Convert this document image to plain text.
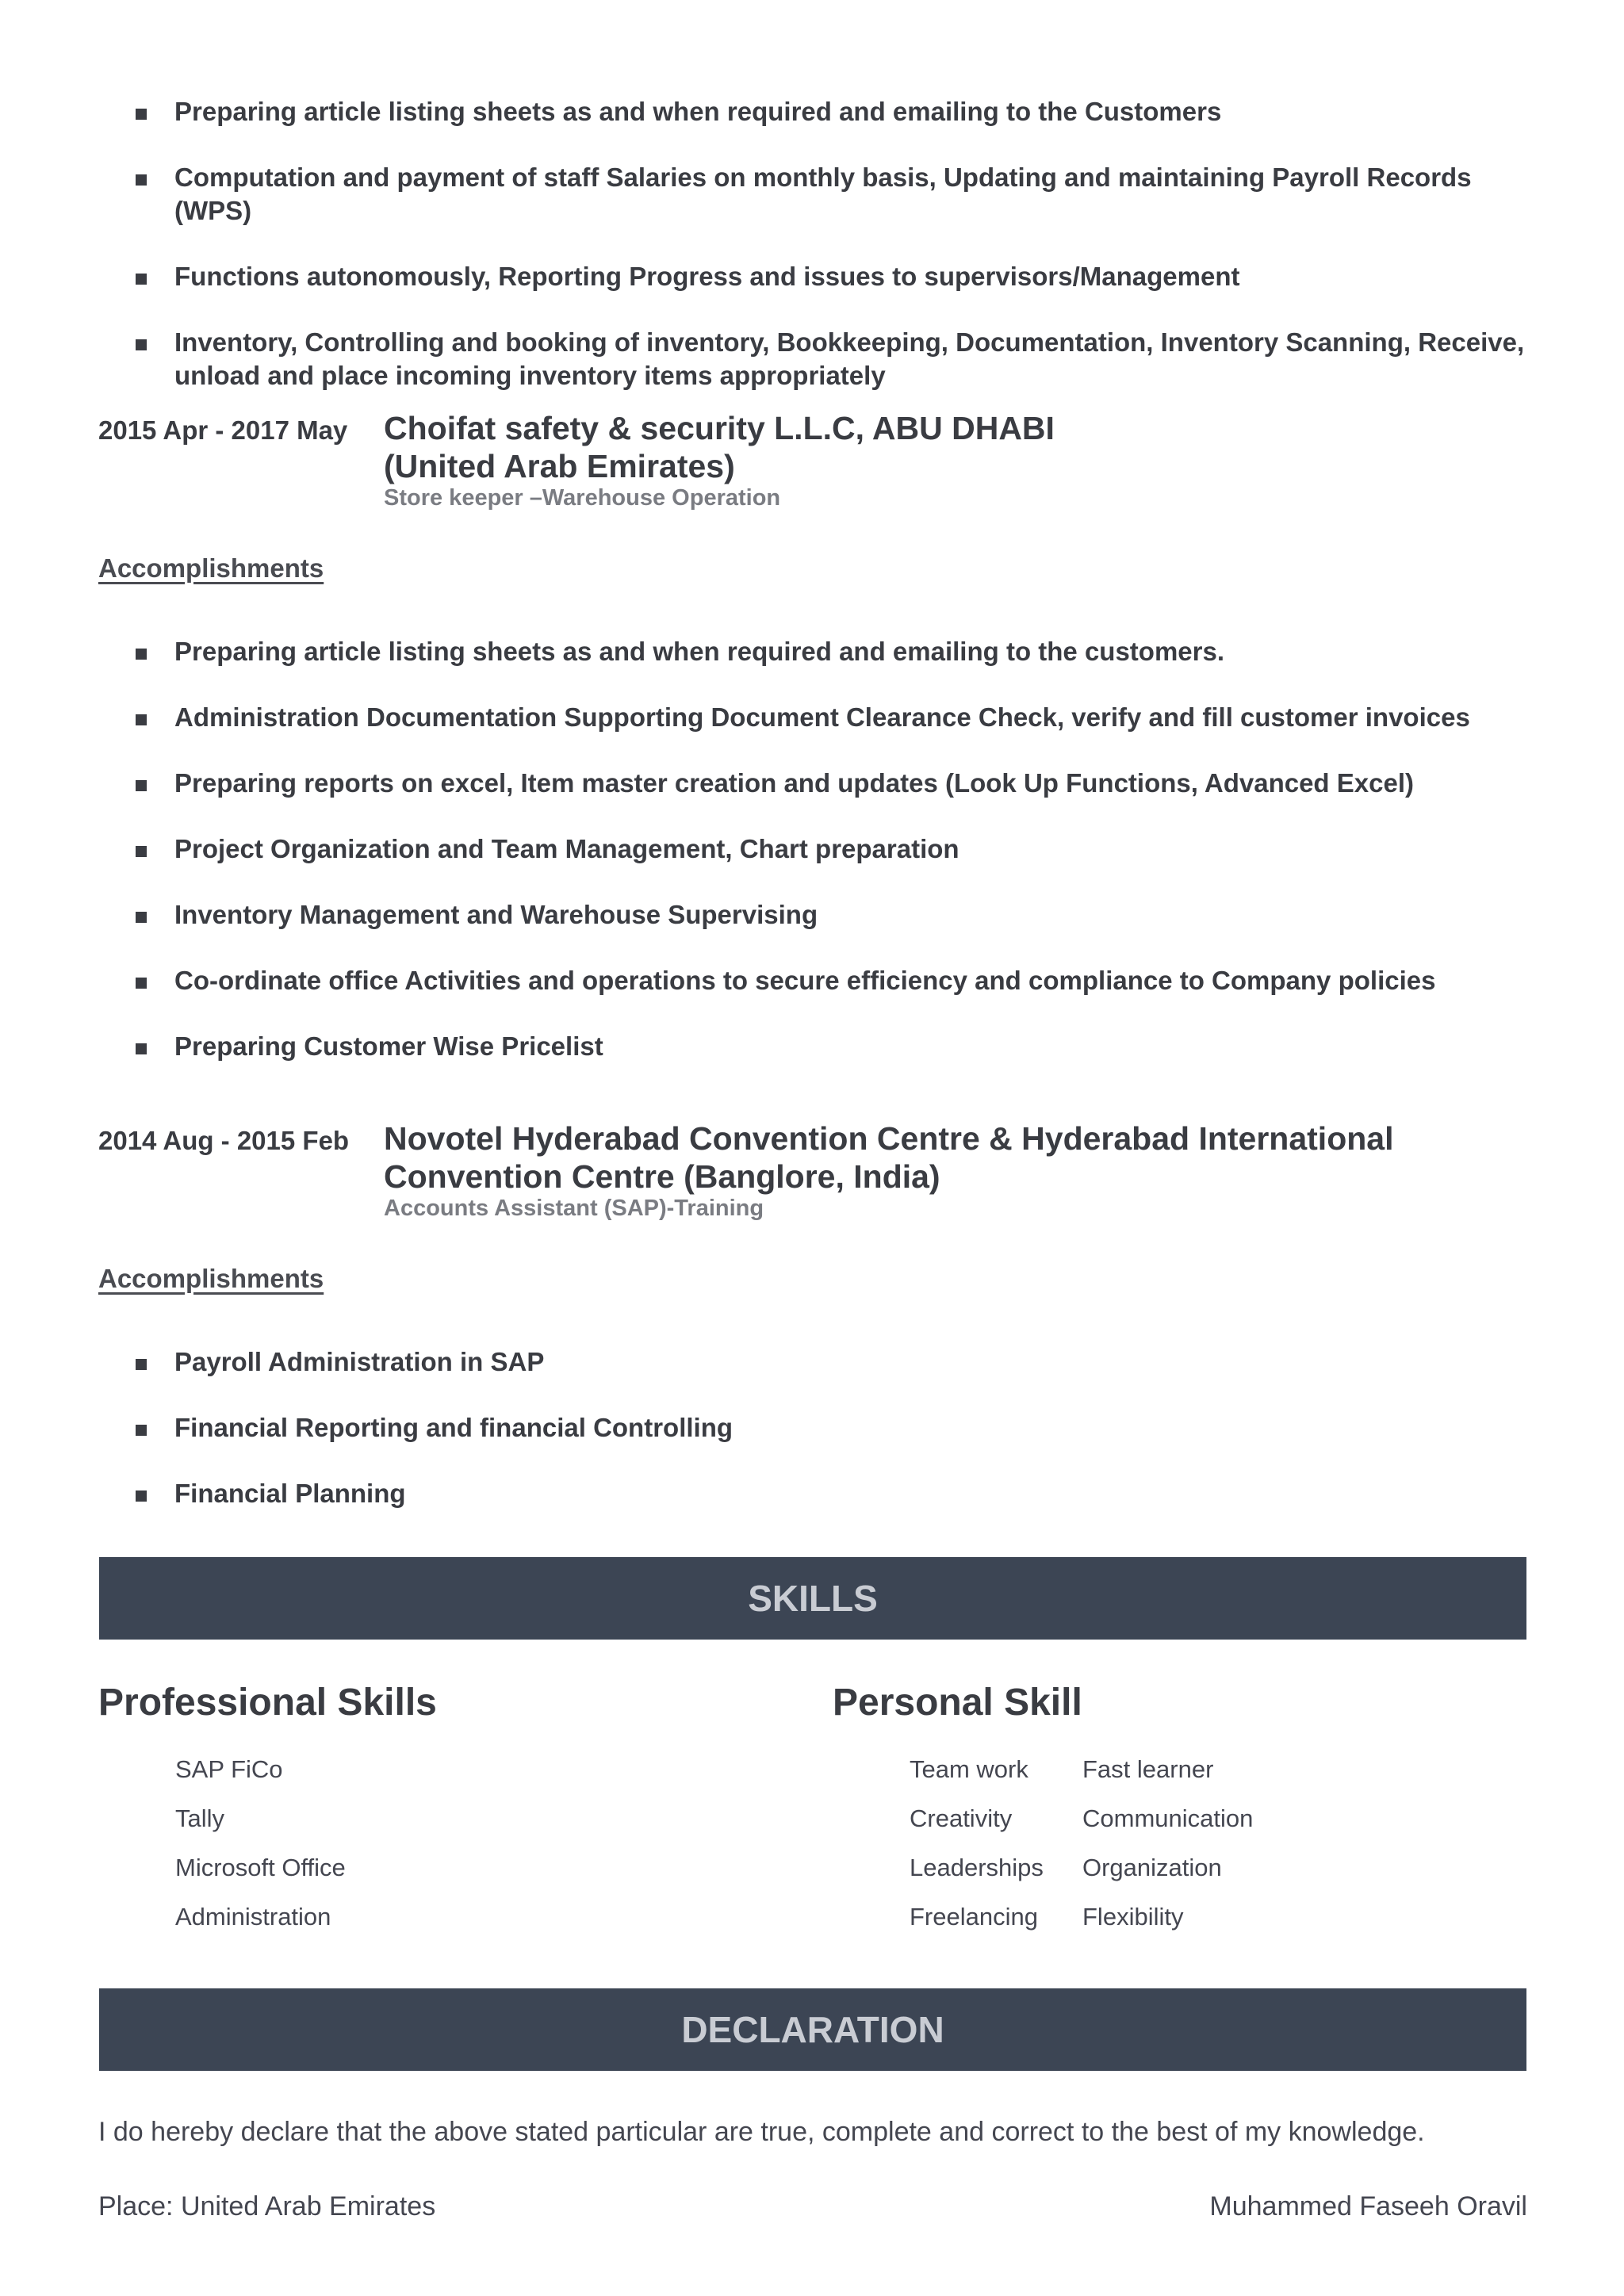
Preparing article listing sheets as and when required and emailing to the Customers
Computation and payment of staff Salaries on monthly basis, Updating and maintaining Payroll Records (WPS)
Functions autonomously, Reporting Progress and issues to supervisors/Management
Inventory, Controlling and booking of inventory, Bookkeeping, Documentation, Inventory Scanning, Receive, unload and place incoming inventory items appropriately
2015 Apr - 2017 May Choifat safety & security L.L.C, ABU DHABI (United Arab Emirates)
Store keeper –Warehouse Operation
Accomplishments
Preparing article listing sheets as and when required and emailing to the customers.
Administration Documentation Supporting Document Clearance Check, verify and fill customer invoices
Preparing reports on excel, Item master creation and updates (Look Up Functions, Advanced Excel)
Project Organization and Team Management, Chart preparation
Inventory Management and Warehouse Supervising
Co-ordinate office Activities and operations to secure efficiency and compliance to Company policies
Preparing Customer Wise Pricelist
2014 Aug - 2015 Feb Novotel Hyderabad Convention Centre & Hyderabad International Convention Centre (Banglore, India)
Accounts Assistant (SAP)-Training
Accomplishments
Payroll Administration in SAP
Financial Reporting and financial Controlling
Financial Planning
SKILLS
Professional Skills
SAP FiCo
Tally
Microsoft Office
Administration
Personal Skill
Team work
Creativity
Leaderships
Freelancing
Fast learner
Communication
Organization
Flexibility
DECLARATION
I do hereby declare that the above stated particular are true, complete and correct to the best of my knowledge.
Place: United Arab Emirates	Muhammed Faseeh Oravil
